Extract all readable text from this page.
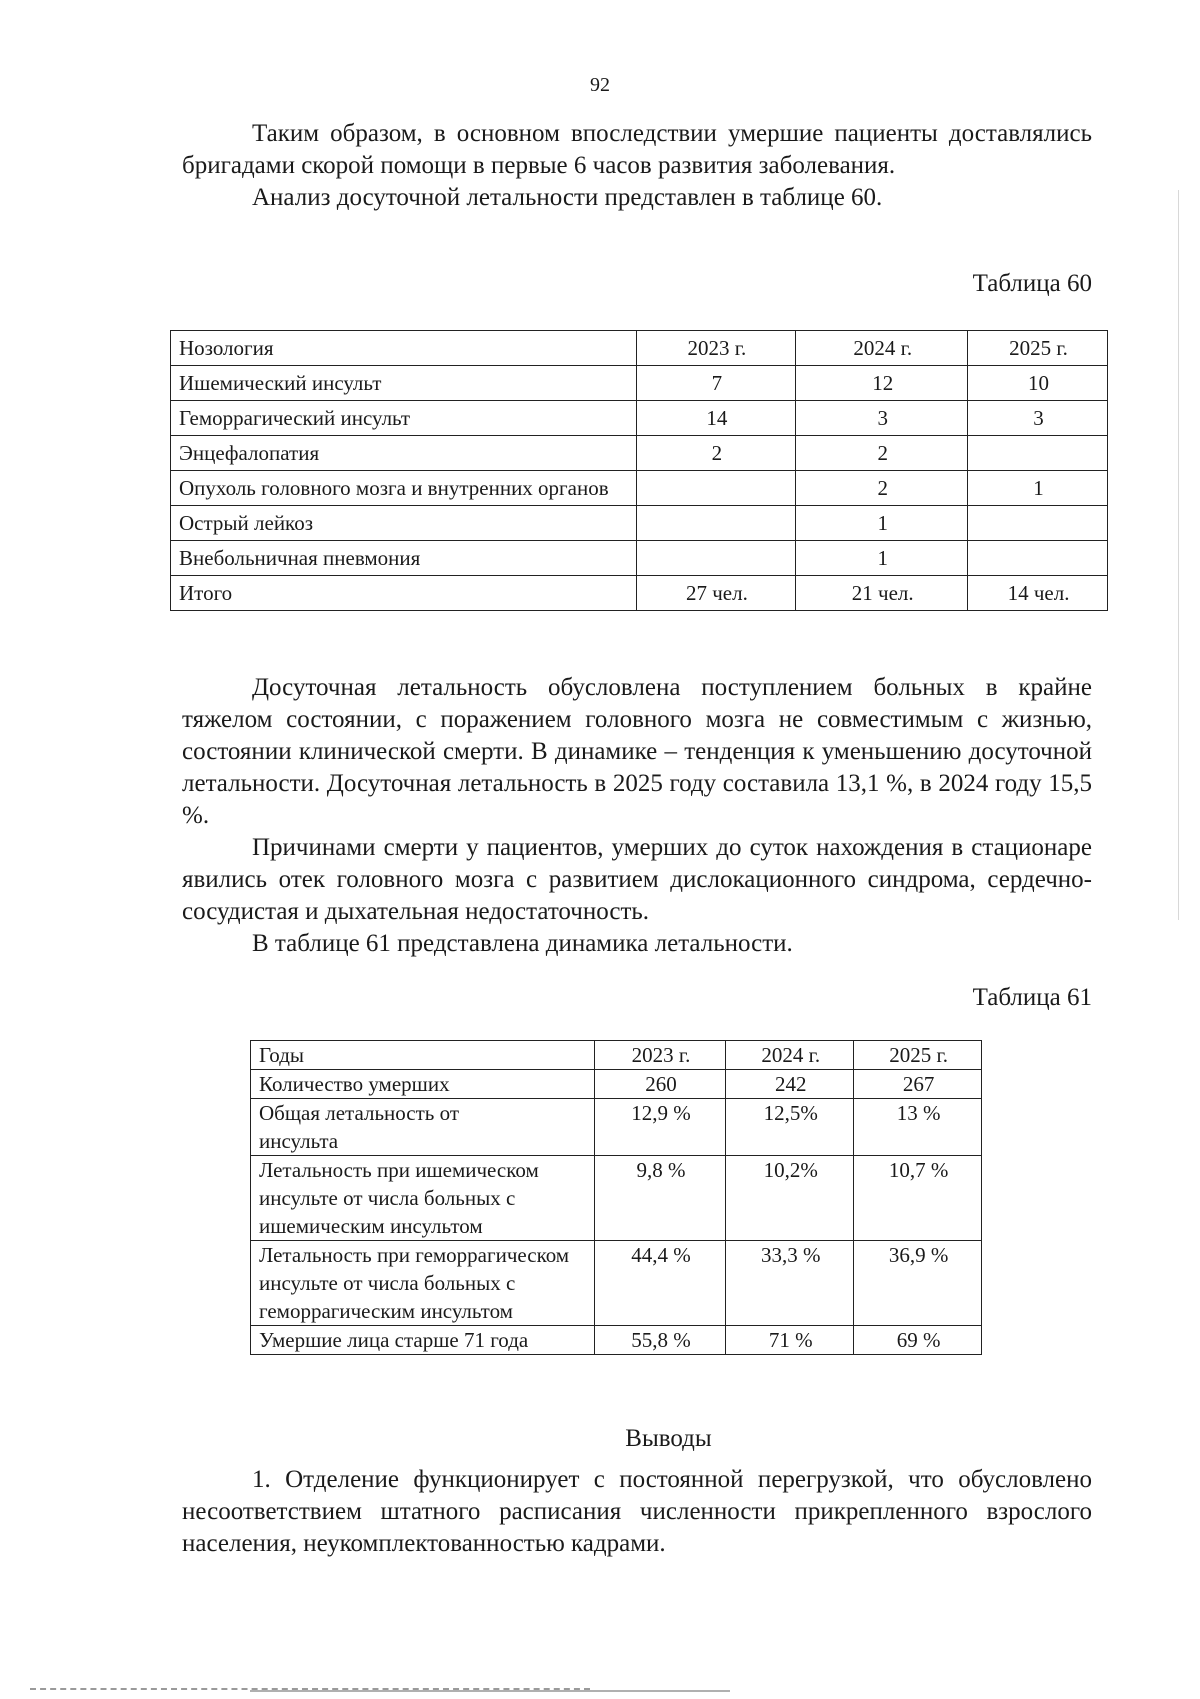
92

Таким образом, в основном впоследствии умершие пациенты доставлялись бригадами скорой помощи в первые 6 часов развития заболевания.

Анализ досуточной летальности представлен в таблице 60.

Таблица 60
Нозология	2023 г.	2024 г.	2025 г.
Ишемический инсульт	7	12	10
Геморрагический инсульт	14	3	3
Энцефалопатия	2	2	
Опухоль головного мозга и внутренних органов		2	1
Острый лейкоз		1	
Внебольничная пневмония		1	
Итого	27 чел.	21 чел.	14 чел.

Досуточная летальность обусловлена поступлением больных в крайне тяжелом состоянии, с поражением головного мозга не совместимым с жизнью, состоянии клинической смерти. В динамике – тенденция к уменьшению досуточной летальности. Досуточная летальность в 2025 году составила 13,1 %, в 2024 году 15,5 %.

Причинами смерти у пациентов, умерших до суток нахождения в стационаре явились отек головного мозга с развитием дислокационного синдрома, сердечно-сосудистая и дыхательная недостаточность.

В таблице 61 представлена динамика летальности.

Таблица 61
Годы	2023 г.	2024 г.	2025 г.
Количество умерших	260	242	267
Общая летальность от инсульта	12,9 %	12,5%	13 %
Летальность при ишемическом инсульте от числа больных с ишемическим инсультом	9,8 %	10,2%	10,7 %
Летальность при геморрагическом инсульте от числа больных с геморрагическим инсультом	44,4 %	33,3 %	36,9 %
Умершие лица старше 71 года	55,8 %	71 %	69 %
Выводы

1. Отделение функционирует с постоянной перегрузкой, что обусловлено несоответствием штатного расписания численности прикрепленного взрослого населения, неукомплектованностью кадрами.
